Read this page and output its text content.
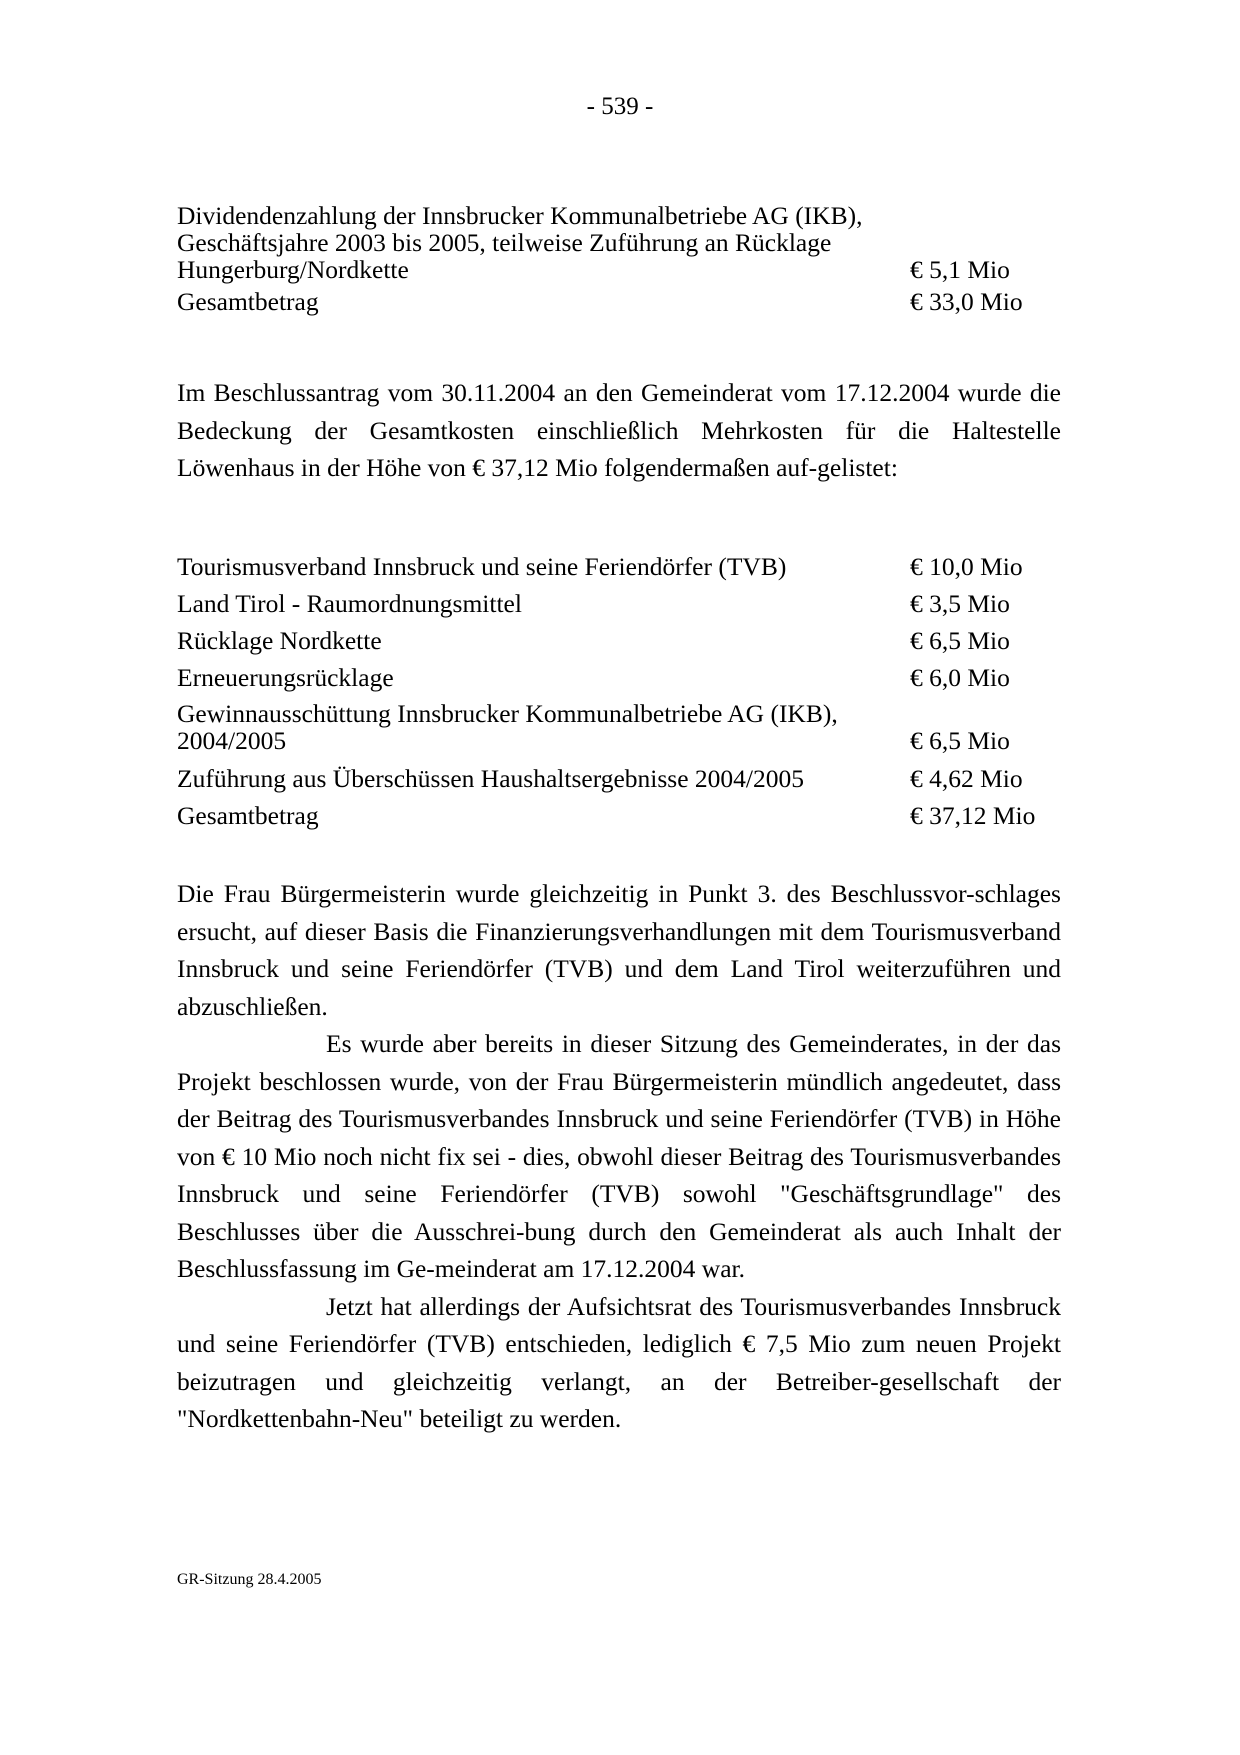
- 539 -
Dividendenzahlung der Innsbrucker Kommunalbetriebe AG (IKB),
Geschäftsjahre 2003 bis 2005, teilweise Zuführung an Rücklage
Hungerburg/Nordkette	€ 5,1 Mio
Gesamtbetrag	€ 33,0 Mio

Im Beschlussantrag vom 30.11.2004 an den Gemeinderat vom 17.12.2004 wurde die Bedeckung der Gesamtkosten einschließlich Mehrkosten für die Haltestelle Löwenhaus in der Höhe von € 37,12 Mio folgendermaßen auf-gelistet:

Tourismusverband Innsbruck und seine Feriendörfer (TVB)	€ 10,0 Mio
Land Tirol - Raumordnungsmittel	€ 3,5 Mio
Rücklage Nordkette	€ 6,5 Mio
Erneuerungsrücklage	€ 6,0 Mio
Gewinnausschüttung Innsbrucker Kommunalbetriebe AG (IKB),
2004/2005	€ 6,5 Mio
Zuführung aus Überschüssen Haushaltsergebnisse 2004/2005	€ 4,62 Mio
Gesamtbetrag	€ 37,12 Mio

Die Frau Bürgermeisterin wurde gleichzeitig in Punkt 3. des Beschlussvor-schlages ersucht, auf dieser Basis die Finanzierungsverhandlungen mit dem Tourismusverband Innsbruck und seine Feriendörfer (TVB) und dem Land Tirol weiterzuführen und abzuschließen.

Es wurde aber bereits in dieser Sitzung des Gemeinderates, in der das Projekt beschlossen wurde, von der Frau Bürgermeisterin mündlich angedeutet, dass der Beitrag des Tourismusverbandes Innsbruck und seine Feriendörfer (TVB) in Höhe von € 10 Mio noch nicht fix sei - dies, obwohl dieser Beitrag des Tourismusverbandes Innsbruck und seine Feriendörfer (TVB) sowohl "Geschäftsgrundlage" des Beschlusses über die Ausschrei-bung durch den Gemeinderat als auch Inhalt der Beschlussfassung im Ge-meinderat am 17.12.2004 war.

Jetzt hat allerdings der Aufsichtsrat des Tourismusverbandes Innsbruck und seine Feriendörfer (TVB) entschieden, lediglich € 7,5 Mio zum neuen Projekt beizutragen und gleichzeitig verlangt, an der Betreiber-gesellschaft der "Nordkettenbahn-Neu" beteiligt zu werden.

GR-Sitzung 28.4.2005
